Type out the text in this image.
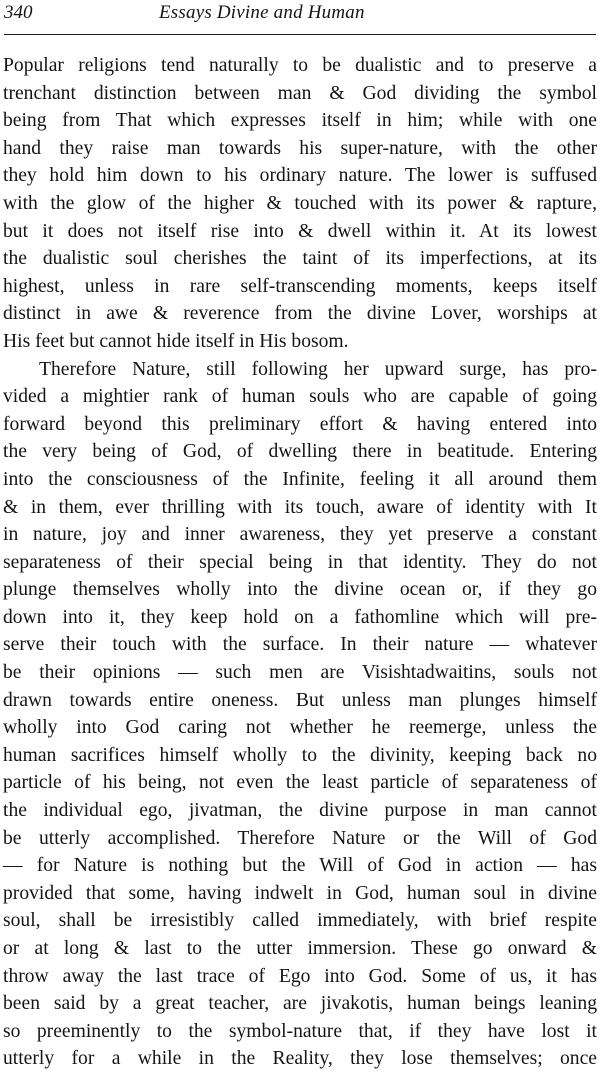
340	Essays Divine and Human
Popular religions tend naturally to be dualistic and to preserve a
trenchant distinction between man & God dividing the symbol
being from That which expresses itself in him; while with one
hand they raise man towards his super-nature, with the other
they hold him down to his ordinary nature. The lower is suffused
with the glow of the higher & touched with its power & rapture,
but it does not itself rise into & dwell within it. At its lowest
the dualistic soul cherishes the taint of its imperfections, at its
highest, unless in rare self-transcending moments, keeps itself
distinct in awe & reverence from the divine Lover, worships at
His feet but cannot hide itself in His bosom.
Therefore Nature, still following her upward surge, has pro-
vided a mightier rank of human souls who are capable of going
forward beyond this preliminary effort & having entered into
the very being of God, of dwelling there in beatitude. Entering
into the consciousness of the Infinite, feeling it all around them
& in them, ever thrilling with its touch, aware of identity with It
in nature, joy and inner awareness, they yet preserve a constant
separateness of their special being in that identity. They do not
plunge themselves wholly into the divine ocean or, if they go
down into it, they keep hold on a fathomline which will pre-
serve their touch with the surface. In their nature — whatever
be their opinions — such men are Visishtadwaitins, souls not
drawn towards entire oneness. But unless man plunges himself
wholly into God caring not whether he reemerge, unless the
human sacrifices himself wholly to the divinity, keeping back no
particle of his being, not even the least particle of separateness of
the individual ego, jivatman, the divine purpose in man cannot
be utterly accomplished. Therefore Nature or the Will of God
— for Nature is nothing but the Will of God in action — has
provided that some, having indwelt in God, human soul in divine
soul, shall be irresistibly called immediately, with brief respite
or at long & last to the utter immersion. These go onward &
throw away the last trace of Ego into God. Some of us, it has
been said by a great teacher, are jivakotis, human beings leaning
so preeminently to the symbol-nature that, if they have lost it
utterly for a while in the Reality, they lose themselves; once
